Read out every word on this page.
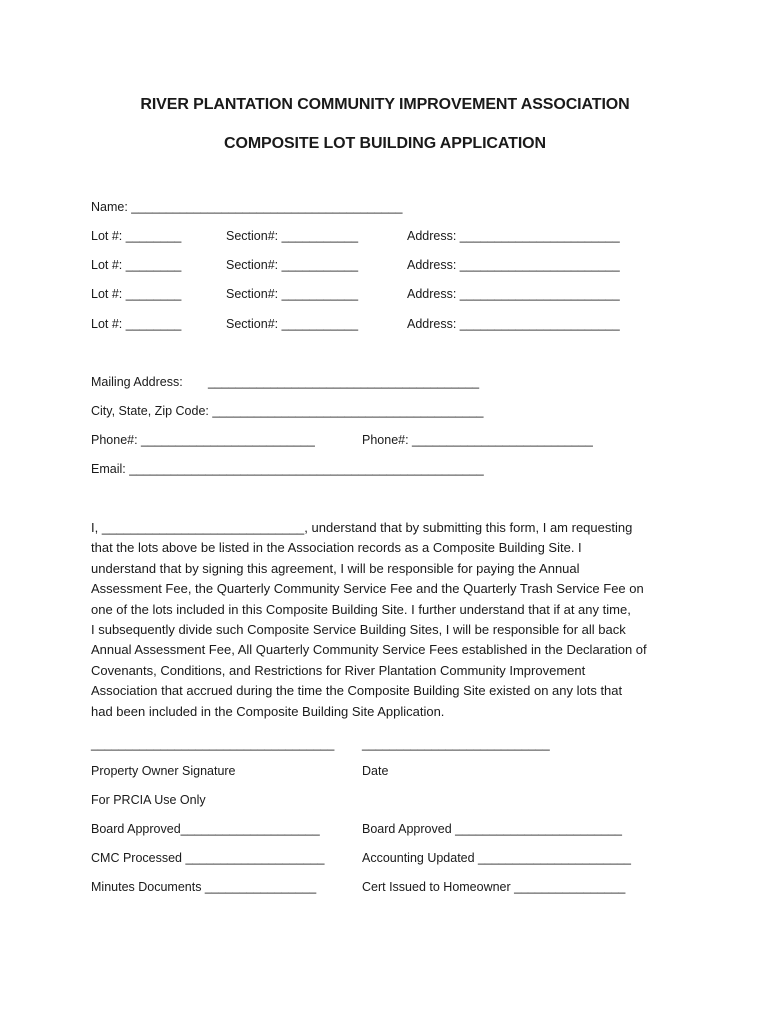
RIVER PLANTATION COMMUNITY IMPROVEMENT ASSOCIATION
COMPOSITE LOT BUILDING APPLICATION
Name: _______________________________________
Lot #: ________	Section#: ___________	Address: _______________________
Lot #: ________	Section#: ___________	Address: _______________________
Lot #: ________	Section#: ___________	Address: _______________________
Lot #: ________	Section#: ___________	Address: _______________________
Mailing Address: _______________________________________
City, State, Zip Code: _______________________________________
Phone#: _________________________	Phone#: __________________________
Email: ___________________________________________________
I, ____________________________, understand that by submitting this form, I am requesting
that the lots above be listed in the Association records as a Composite Building Site. I
understand that by signing this agreement, I will be responsible for paying the Annual
Assessment Fee, the Quarterly Community Service Fee and the Quarterly Trash Service Fee on
one of the lots included in this Composite Building Site. I further understand that if at any time,
I subsequently divide such Composite Service Building Sites, I will be responsible for all back
Annual Assessment Fee, All Quarterly Community Service Fees established in the Declaration of
Covenants, Conditions, and Restrictions for River Plantation Community Improvement
Association that accrued during the time the Composite Building Site existed on any lots that
had been included in the Composite Building Site Application.
___________________________________ ___________________________
Property Owner Signature	Date
For PRCIA Use Only
Board Approved____________________	Board Approved ________________________
CMC Processed ____________________	Accounting Updated ______________________
Minutes Documents ________________	Cert Issued to Homeowner ________________
